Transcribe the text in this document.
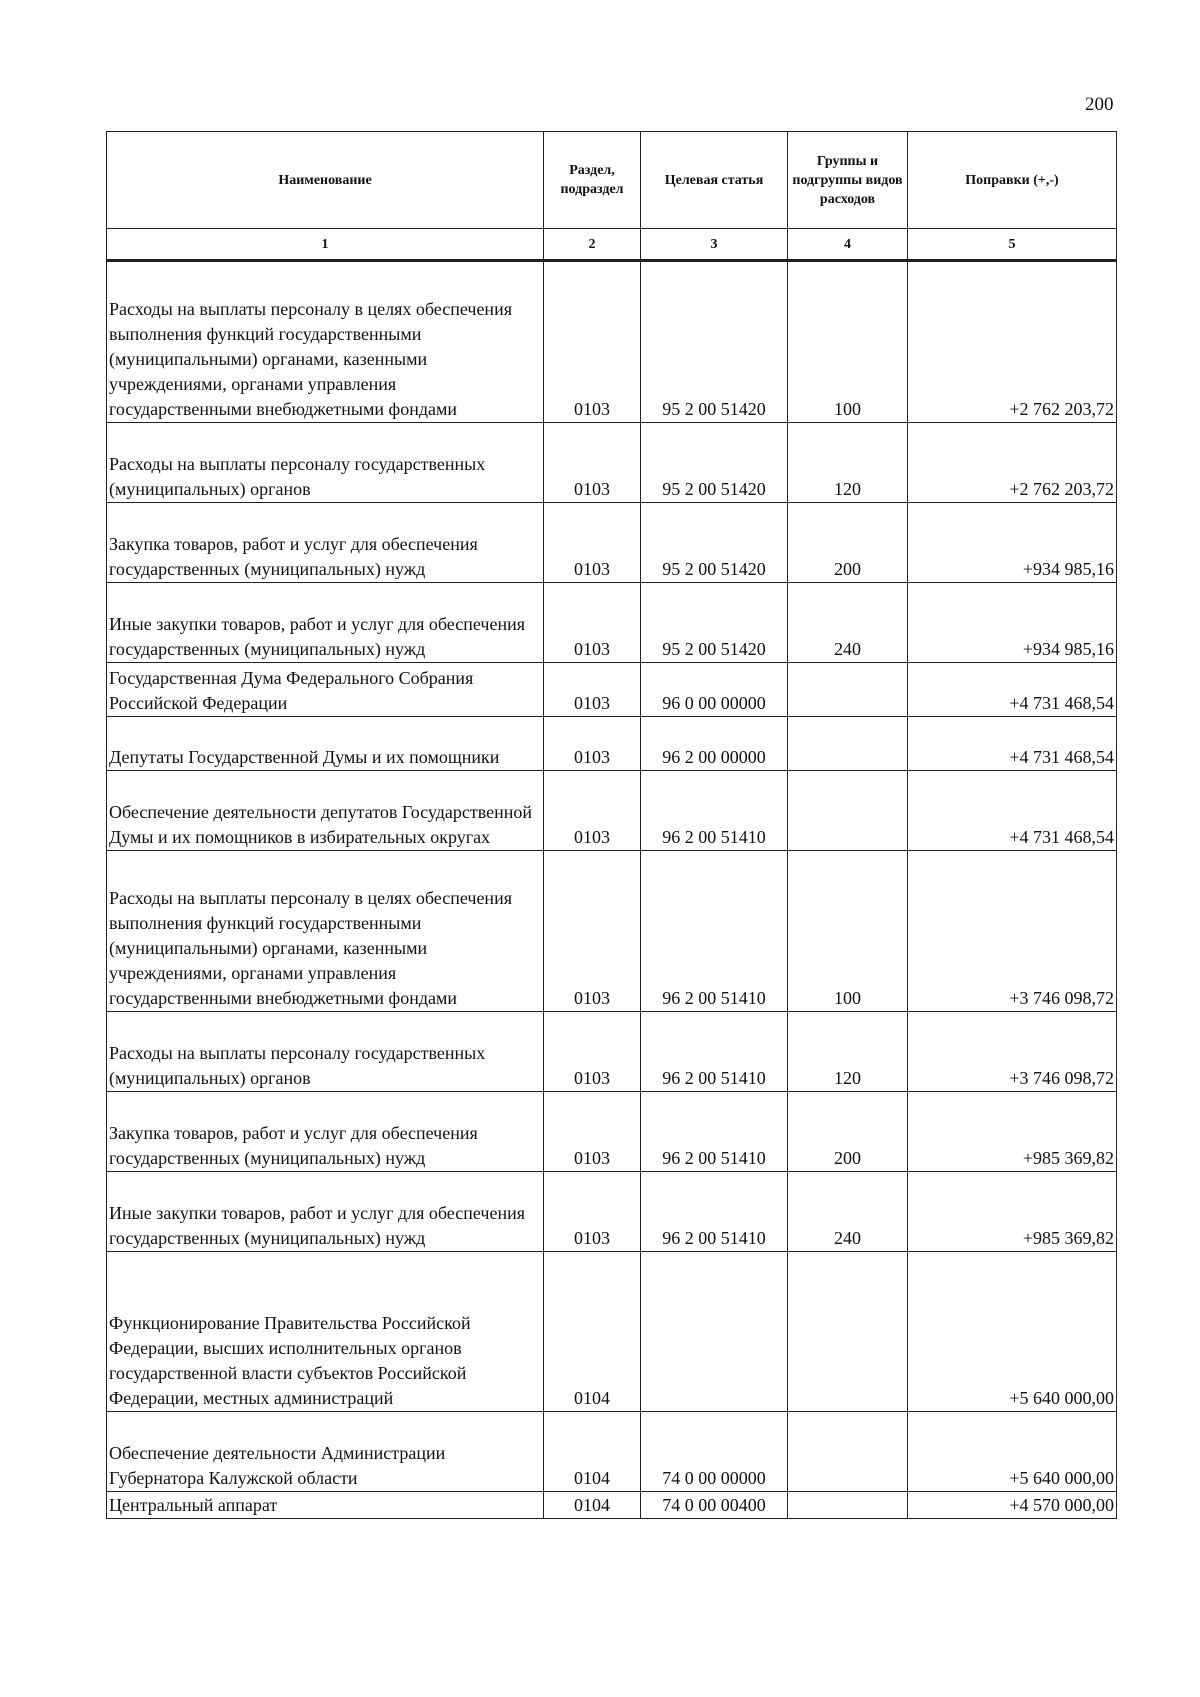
200
Наименование	Раздел, подраздел	Целевая статья	Группы и подгруппы видов расходов	Поправки (+,-)
1	2	3	4	5
Расходы на выплаты персоналу в целях обеспечения выполнения функций государственными (муниципальными) органами, казенными учреждениями, органами управления государственными внебюджетными фондами	0103	95 2 00 51420	100	+2 762 203,72
Расходы на выплаты персоналу государственных (муниципальных) органов	0103	95 2 00 51420	120	+2 762 203,72
Закупка товаров, работ и услуг для обеспечения государственных (муниципальных) нужд	0103	95 2 00 51420	200	+934 985,16
Иные закупки товаров, работ и услуг для обеспечения государственных (муниципальных) нужд	0103	95 2 00 51420	240	+934 985,16
Государственная Дума Федерального Собрания Российской Федерации	0103	96 0 00 00000		+4 731 468,54
Депутаты Государственной Думы и их помощники	0103	96 2 00 00000		+4 731 468,54
Обеспечение деятельности депутатов Государственной Думы и их помощников в избирательных округах	0103	96 2 00 51410		+4 731 468,54
Расходы на выплаты персоналу в целях обеспечения выполнения функций государственными (муниципальными) органами, казенными учреждениями, органами управления государственными внебюджетными фондами	0103	96 2 00 51410	100	+3 746 098,72
Расходы на выплаты персоналу государственных (муниципальных) органов	0103	96 2 00 51410	120	+3 746 098,72
Закупка товаров, работ и услуг для обеспечения государственных (муниципальных) нужд	0103	96 2 00 51410	200	+985 369,82
Иные закупки товаров, работ и услуг для обеспечения государственных (муниципальных) нужд	0103	96 2 00 51410	240	+985 369,82
Функционирование Правительства Российской Федерации, высших исполнительных органов государственной власти субъектов Российской Федерации, местных администраций	0104			+5 640 000,00
Обеспечение деятельности Администрации Губернатора Калужской области	0104	74 0 00 00000		+5 640 000,00
Центральный аппарат	0104	74 0 00 00400		+4 570 000,00
